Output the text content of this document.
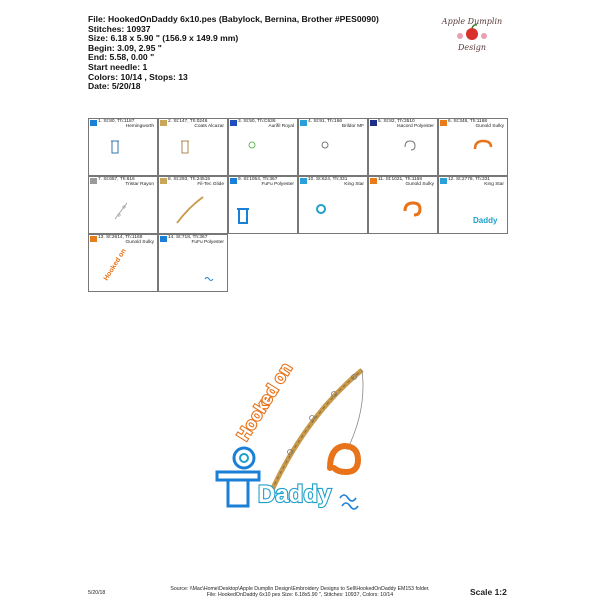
File: HookedOnDaddy 6x10.pes (Babylock, Bernina, Brother #PES0090)
Stitches: 10937
Size: 6.18 x 5.90 " (156.9 x 149.9 mm)
Begin: 3.09, 2.95 "
End: 5.58, 0.00 "
Start needle: 1
Colors: 10/14 , Stops: 13
Date: 5/20/18
Apple Dumplin
Design
1. St:80, Th:1187
Hemingworth
2. St:147, Th:0246
Coats Alcazar
3. St:50, Th:C636
Aurifil Royal
4. St:91, Th:166
Brildor MF
5. St:82, Th:3510
Isacord Polyester
6. St:348, Th:1168
Gunold Sulky
7. St:657, Th:616
Tristar Rayon
8. St:293, Th:24515
Fil-Tec Glide
9. St:1054, Th:367
FuFu Polyester
10. St:624, Th:331
King Star
11. St:1021, Th:1168
Gunold Sulky
12. St:2778, Th:331
King Star
Daddy
13. St:2614, Th:1168
Gunold Sulky
Hooked on
14. St:718, Th:367
FuFu Polyester
Hooked on
Daddy
5/20/18
Source: \\Mac\Home\Desktop\Apple Dumplin Design\Embroidery Designs to Sell\HookedOnDaddy EM153 folder.
File: HookedOnDaddy 6x10 pes Size: 6.18x5.90 ", Stitches: 10937, Colors: 10/14	Scale 1:2
